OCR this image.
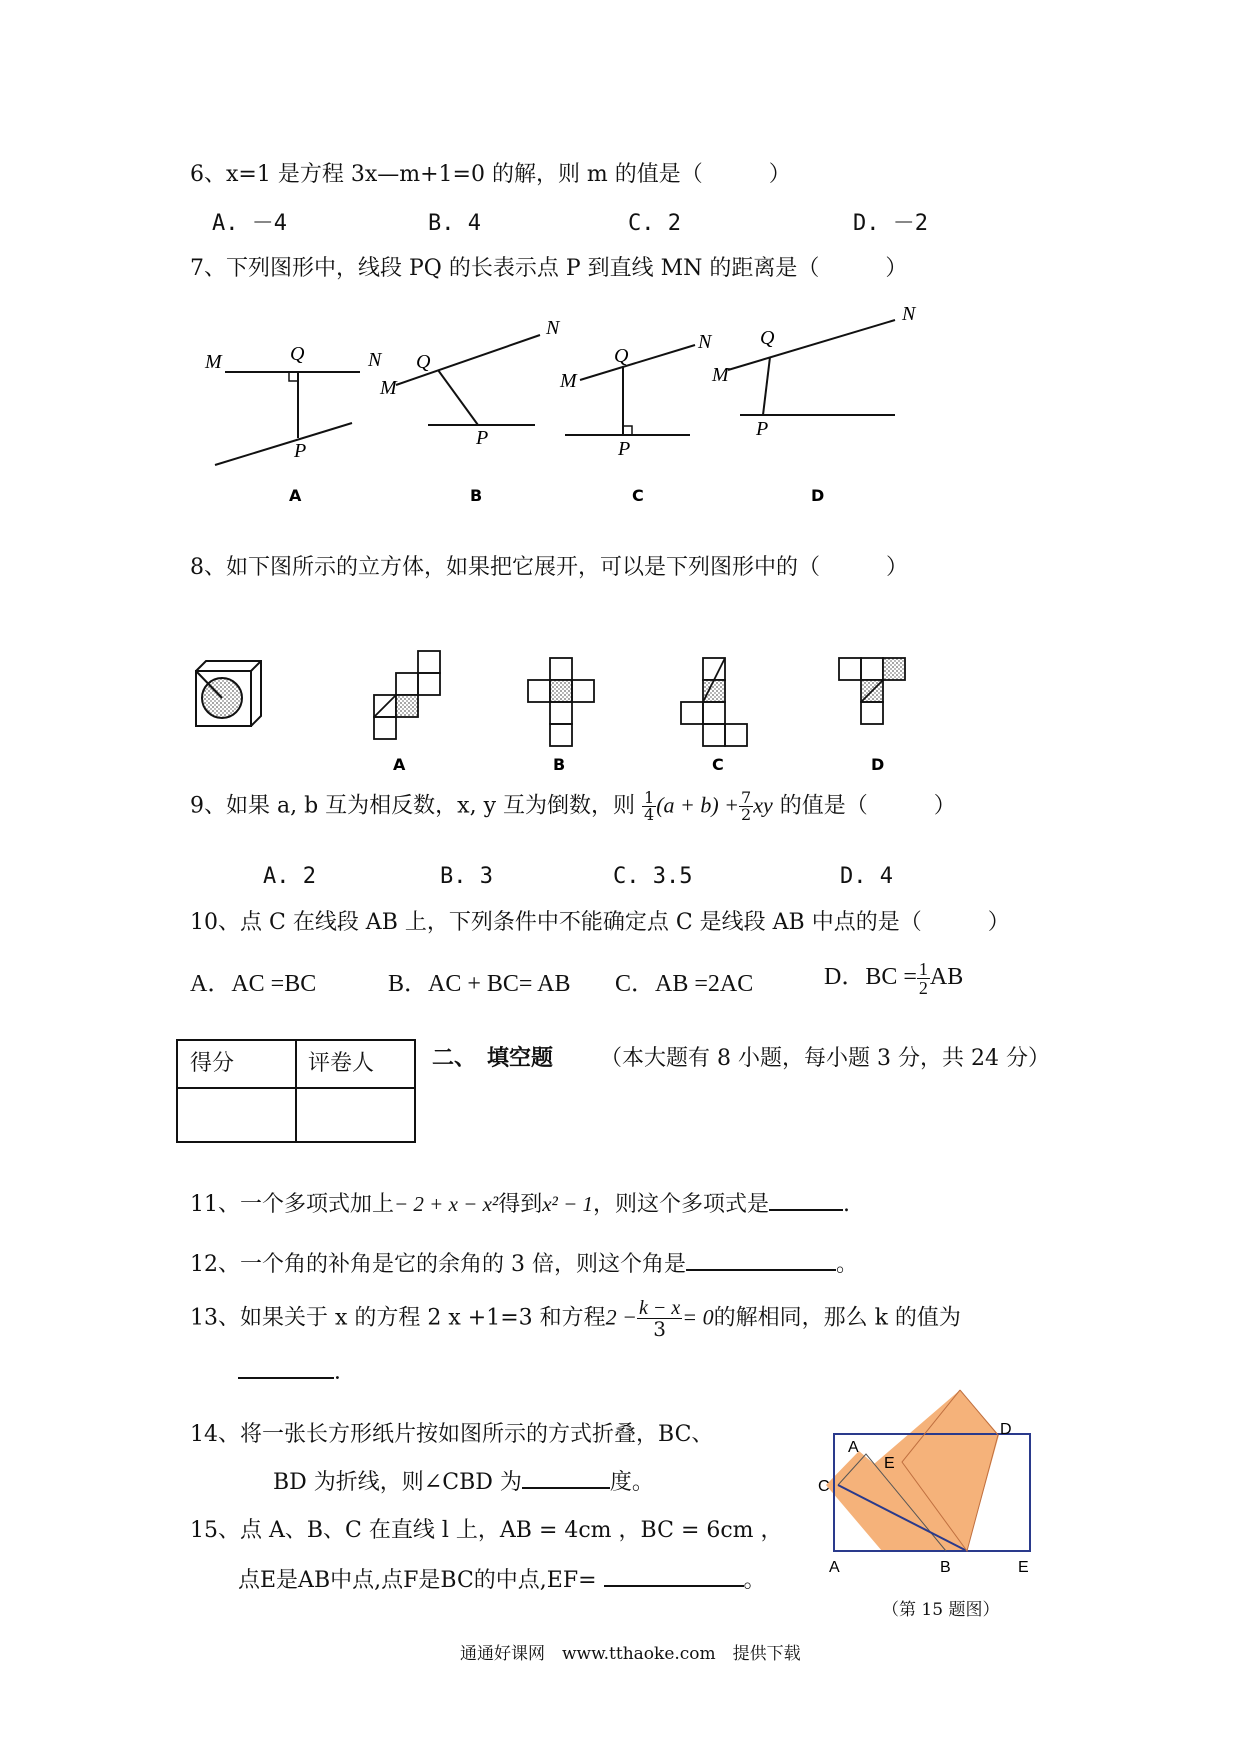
6、x=1 是方程 3x—m+1=0 的解，则 m 的值是（　　　）
A. －4	B. 4	C. 2	D. －2
7、下列图形中，线段 PQ 的长表示点 P 到直线 MN 的距离是（　　　）
M	Q	N
P
M
Q
N
P
M
Q
N
P
M
Q
N
P
A	B	C	D
8、如下图所示的立方体，如果把它展开，可以是下列图形中的（　　　）
A	B	C	D
9、如果 a, b 互为相反数，x, y 互为倒数，则 $\frac{1}{4} (a + b) + \frac{7}{2}$ xy 的值是（　　　）
A. 2	B. 3	C. 3.5	D. 4
10、点 C 在线段 AB 上，下列条件中不能确定点 C 是线段 AB 中点的是（　　　）
A．AC =BC	B．AC + BC= AB C．AB =2AC	D．BC = $\frac{1}{2}$ AB
得分	评卷人	二、　填空题 （本大题有 8 小题，每小题 3 分，共 24 分）
11、一个多项式加上− 2 + x − x²得到x² − 1，则这个多项式是	.
12、一个角的补角是它的余角的 3 倍，则这个角是	。
13、如果关于 x 的方程 2 x +1=3 和方程$2 - \frac{k - x}{3} = 0$的解相同，那么 k 的值为
．
14、将一张长方形纸片按如图所示的方式折叠，BC、
BD 为折线，则∠CBD 为	度。
15、点 A、B、C 在直线 l 上，AB = 4cm ，BC = 6cm ，
点E是AB中点,点F是BC的中点,EF=	。
A
E
C
D
A	B	E
（第 15 题图）
通通好课网　www.tthaoke.com　提供下载
